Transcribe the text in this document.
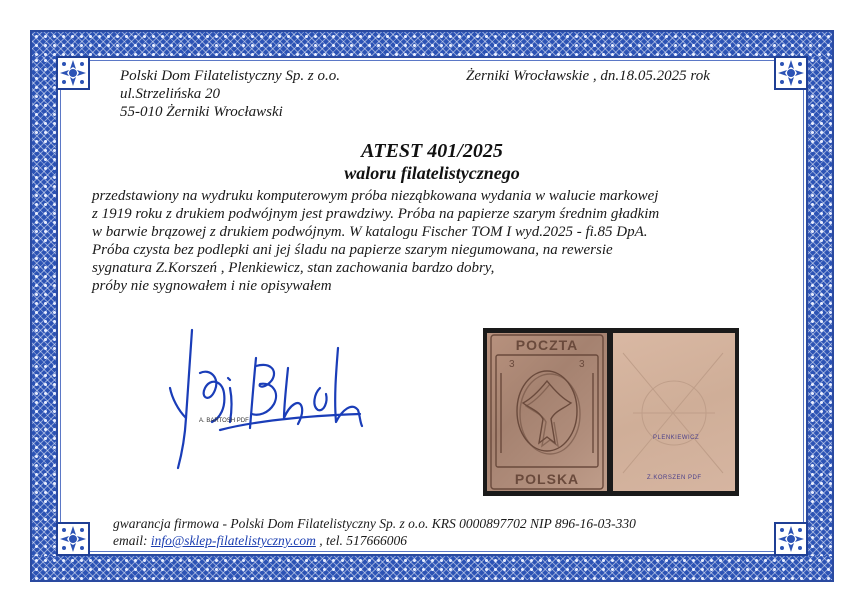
Polski Dom Filatelistyczny Sp. z o.o.
ul.Strzelińska 20
55-010 Żerniki Wrocławski
Żerniki Wrocławskie , dn.18.05.2025 rok
ATEST 401/2025
waloru filatelistycznego
przedstawiony na wydruku komputerowym próba nieząbkowana wydania w walucie markowej
z 1919 roku z drukiem podwójnym jest prawdziwy. Próba na papierze szarym średnim gładkim
w barwie brązowej z drukiem podwójnym. W katalogu Fischer TOM I wyd.2025 - fi.85 DpA.
Próba czysta bez podlepki ani jej śladu na papierze szarym niegumowana, na rewersie
sygnatura Z.Korszeń , Plenkiewicz, stan zachowania bardzo dobry,
próby nie sygnowałem i nie opisywałem
A. BARTOSH PDF
POCZTA
3	3
POLSKA
PLENKIEWICZ
Z.KORSZEN PDF
gwarancja firmowa - Polski Dom Filatelistyczny Sp. z o.o. KRS 0000897702 NIP 896-16-03-330
email: info@sklep-filatelistyczny.com , tel. 517666006
